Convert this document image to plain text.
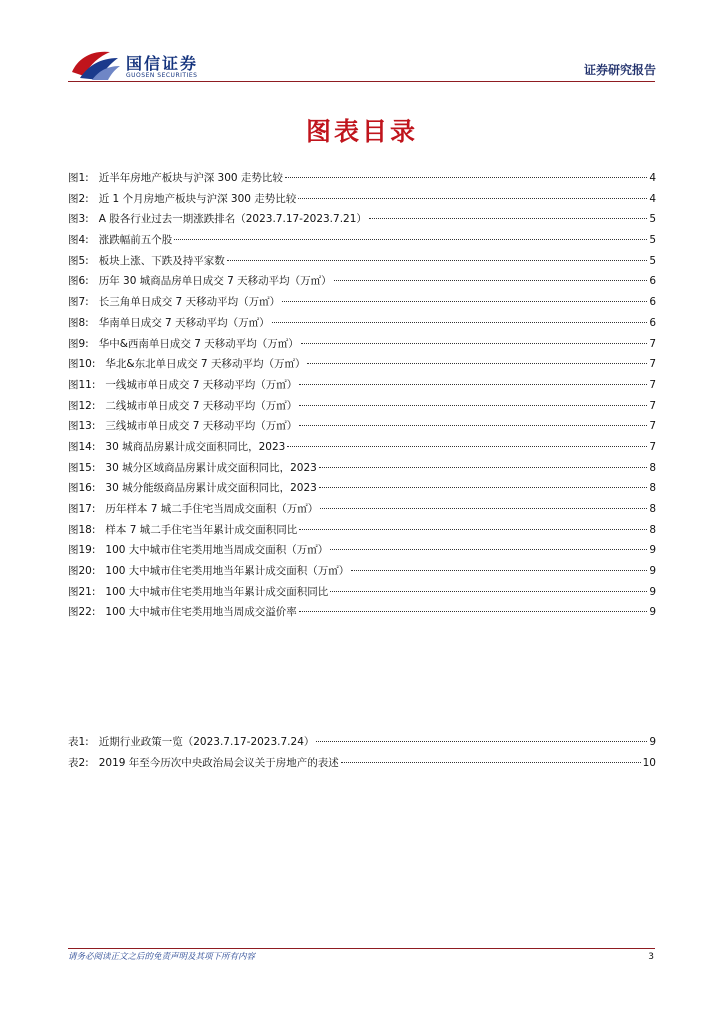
国信证券
GUOSEN SECURITIES	证券研究报告
图表目录
图1: 近半年房地产板块与沪深 300 走势比较	4
图2: 近 1 个月房地产板块与沪深 300 走势比较	4
图3: A 股各行业过去一期涨跌排名（2023.7.17-2023.7.21）	5
图4: 涨跌幅前五个股	5
图5: 板块上涨、下跌及持平家数	5
图6: 历年 30 城商品房单日成交 7 天移动平均（万㎡）	6
图7: 长三角单日成交 7 天移动平均（万㎡）	6
图8: 华南单日成交 7 天移动平均（万㎡）	6
图9: 华中&西南单日成交 7 天移动平均（万㎡）	7
图10: 华北&东北单日成交 7 天移动平均（万㎡）	7
图11: 一线城市单日成交 7 天移动平均（万㎡）	7
图12: 二线城市单日成交 7 天移动平均（万㎡）	7
图13: 三线城市单日成交 7 天移动平均（万㎡）	7
图14: 30 城商品房累计成交面积同比，2023	7
图15: 30 城分区域商品房累计成交面积同比，2023	8
图16: 30 城分能级商品房累计成交面积同比，2023	8
图17: 历年样本 7 城二手住宅当周成交面积（万㎡）	8
图18: 样本 7 城二手住宅当年累计成交面积同比	8
图19: 100 大中城市住宅类用地当周成交面积（万㎡）	9
图20: 100 大中城市住宅类用地当年累计成交面积（万㎡）	9
图21: 100 大中城市住宅类用地当年累计成交面积同比	9
图22: 100 大中城市住宅类用地当周成交溢价率	9
表1: 近期行业政策一览（2023.7.17-2023.7.24）	9
表2: 2019 年至今历次中央政治局会议关于房地产的表述	10
请务必阅读正文之后的免责声明及其项下所有内容	3
